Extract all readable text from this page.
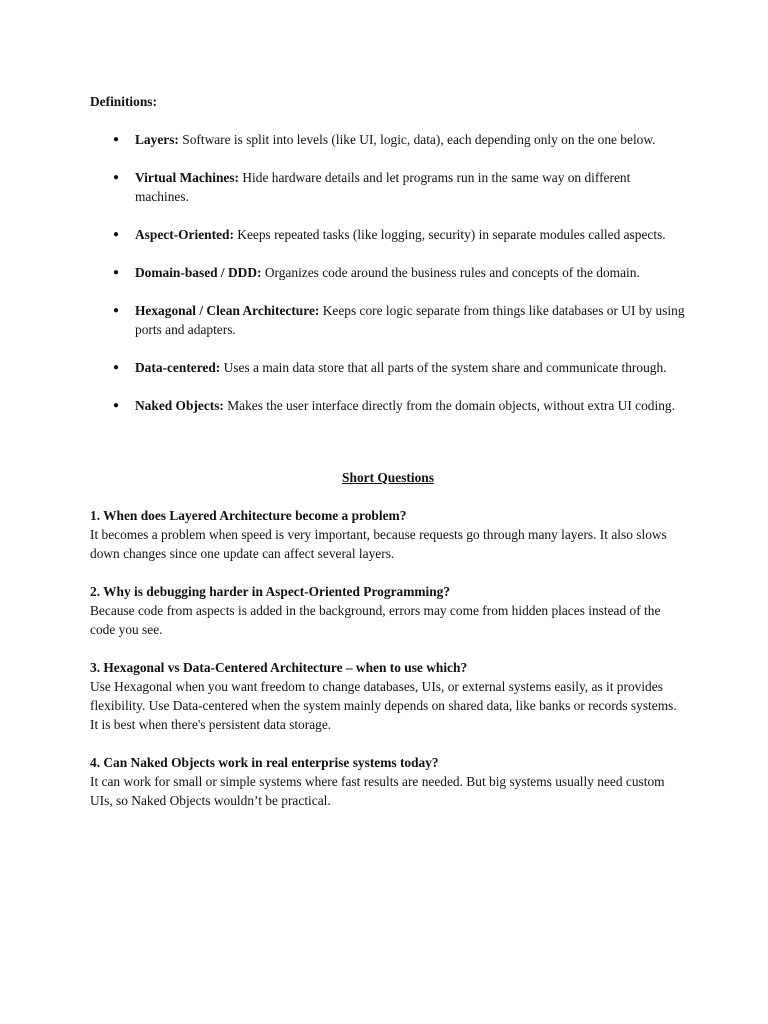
Definitions:

● Layers: Software is split into levels (like UI, logic, data), each depending only on the one below.
● Virtual Machines: Hide hardware details and let programs run in the same way on different machines.
● Aspect-Oriented: Keeps repeated tasks (like logging, security) in separate modules called aspects.
● Domain-based / DDD: Organizes code around the business rules and concepts of the domain.
● Hexagonal / Clean Architecture: Keeps core logic separate from things like databases or UI by using ports and adapters.
● Data-centered: Uses a main data store that all parts of the system share and communicate through.
● Naked Objects: Makes the user interface directly from the domain objects, without extra UI coding.

Short Questions

1. When does Layered Architecture become a problem?

It becomes a problem when speed is very important, because requests go through many layers. It also slows down changes since one update can affect several layers.

2. Why is debugging harder in Aspect-Oriented Programming?

Because code from aspects is added in the background, errors may come from hidden places instead of the code you see.

3. Hexagonal vs Data-Centered Architecture – when to use which?

Use Hexagonal when you want freedom to change databases, UIs, or external systems easily, as it provides flexibility. Use Data-centered when the system mainly depends on shared data, like banks or records systems. It is best when there's persistent data storage.

4. Can Naked Objects work in real enterprise systems today?

It can work for small or simple systems where fast results are needed. But big systems usually need custom UIs, so Naked Objects wouldn’t be practical.
